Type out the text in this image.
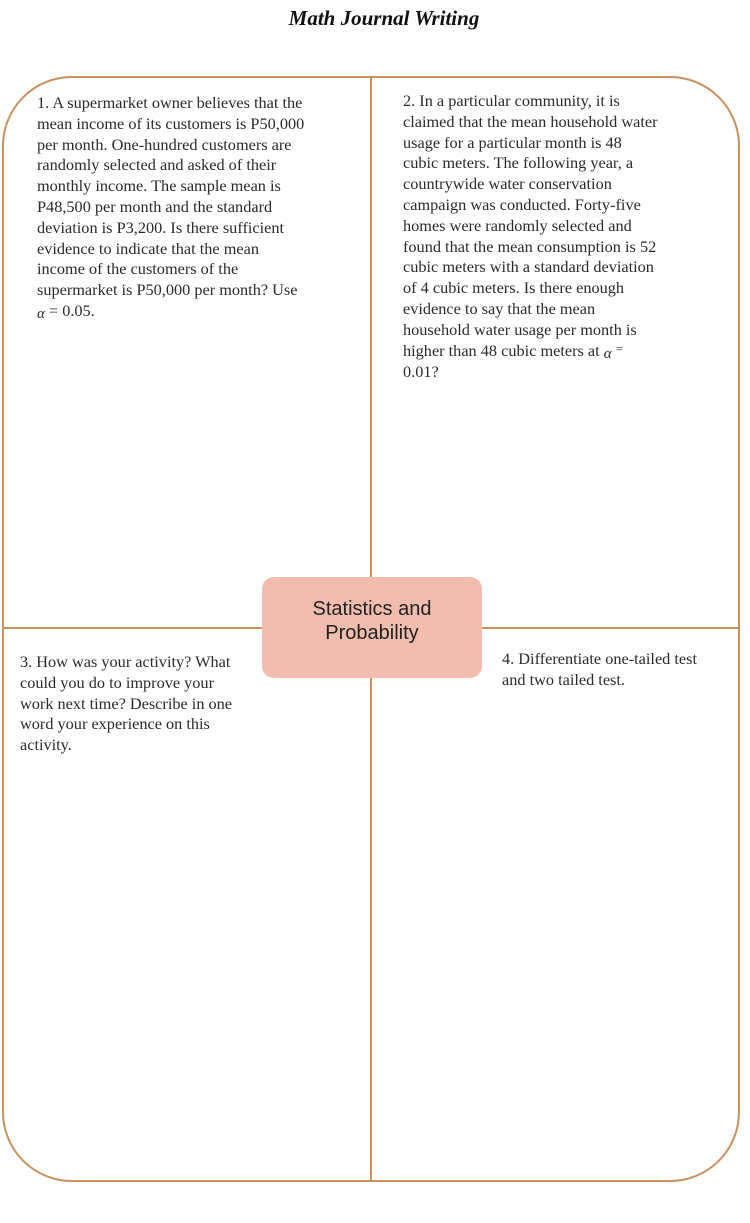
Math Journal Writing
1. A supermarket owner believes that the
mean income of its customers is P50,000
per month. One-hundred customers are
randomly selected and asked of their
monthly income. The sample mean is
P48,500 per month and the standard
deviation is P3,200. Is there sufficient
evidence to indicate that the mean
income of the customers of the
supermarket is P50,000 per month? Use
α = 0.05.
2. In a particular community, it is
claimed that the mean household water
usage for a particular month is 48
cubic meters. The following year, a
countrywide water conservation
campaign was conducted. Forty-five
homes were randomly selected and
found that the mean consumption is 52
cubic meters with a standard deviation
of 4 cubic meters. Is there enough
evidence to say that the mean
household water usage per month is
higher than 48 cubic meters at α =
0.01?
3. How was your activity? What
could you do to improve your
work next time? Describe in one
word your experience on this
activity.
4. Differentiate one-tailed test
and two tailed test.
Statistics and
Probability
